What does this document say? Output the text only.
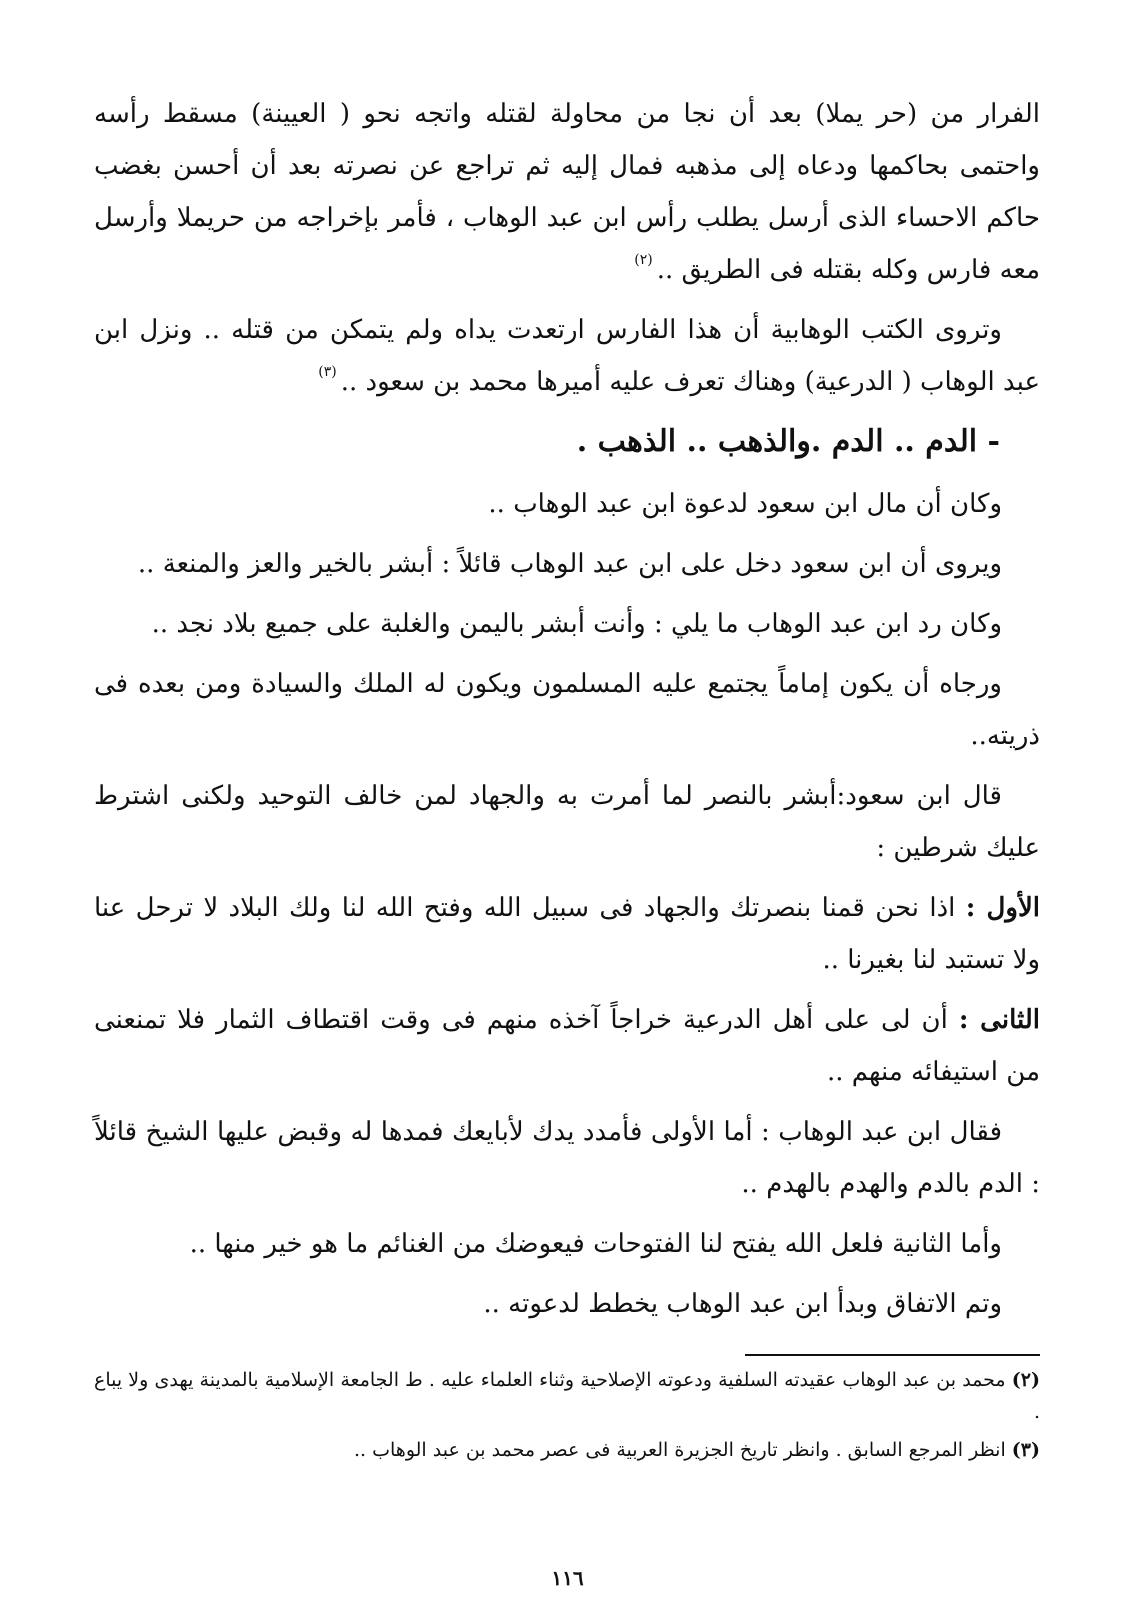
الفرار من (حر يملا) بعد أن نجا من محاولة لقتله واتجه نحو ( العيينة) مسقط رأسه واحتمى بحاكمها ودعاه إلى مذهبه فمال إليه ثم تراجع عن نصرته بعد أن أحسن بغضب حاكم الاحساء الذى أرسل يطلب رأس ابن عبد الوهاب ، فأمر بإخراجه من حريملا وأرسل معه فارس وكله بقتله فى الطريق ..$^{(٢)}$

وتروى الكتب الوهابية أن هذا الفارس ارتعدت يداه ولم يتمكن من قتله .. ونزل ابن عبد الوهاب ( الدرعية) وهناك تعرف عليه أميرها محمد بن سعود ..$^{(٣)}$

- الدم .. الدم .والذهب .. الذهب .

وكان أن مال ابن سعود لدعوة ابن عبد الوهاب ..

ويروى أن ابن سعود دخل على ابن عبد الوهاب قائلاً : أبشر بالخير والعز والمنعة ..

وكان رد ابن عبد الوهاب ما يلي : وأنت أبشر باليمن والغلبة على جميع بلاد نجد ..

ورجاه أن يكون إماماً يجتمع عليه المسلمون ويكون له الملك والسيادة ومن بعده فى ذريته..

قال ابن سعود:أبشر بالنصر لما أمرت به والجهاد لمن خالف التوحيد ولكنى اشترط عليك شرطين :

الأول : اذا نحن قمنا بنصرتك والجهاد فى سبيل الله وفتح الله لنا ولك البلاد لا ترحل عنا ولا تستبد لنا بغيرنا ..

الثانى : أن لى على أهل الدرعية خراجاً آخذه منهم فى وقت اقتطاف الثمار فلا تمنعنى من استيفائه منهم ..

فقال ابن عبد الوهاب : أما الأولى فأمدد يدك لأبايعك فمدها له وقبض عليها الشيخ قائلاً : الدم بالدم والهدم بالهدم ..

وأما الثانية فلعل الله يفتح لنا الفتوحات فيعوضك من الغنائم ما هو خير منها ..

وتم الاتفاق وبدأ ابن عبد الوهاب يخطط لدعوته ..

(٢) محمد بن عبد الوهاب عقيدته السلفية ودعوته الإصلاحية وثناء العلماء عليه . ط الجامعة الإسلامية بالمدينة يهدى ولا يباع .

(٣) انظر المرجع السابق . وانظر تاريخ الجزيرة العربية فى عصر محمد بن عبد الوهاب ..

١١٦
